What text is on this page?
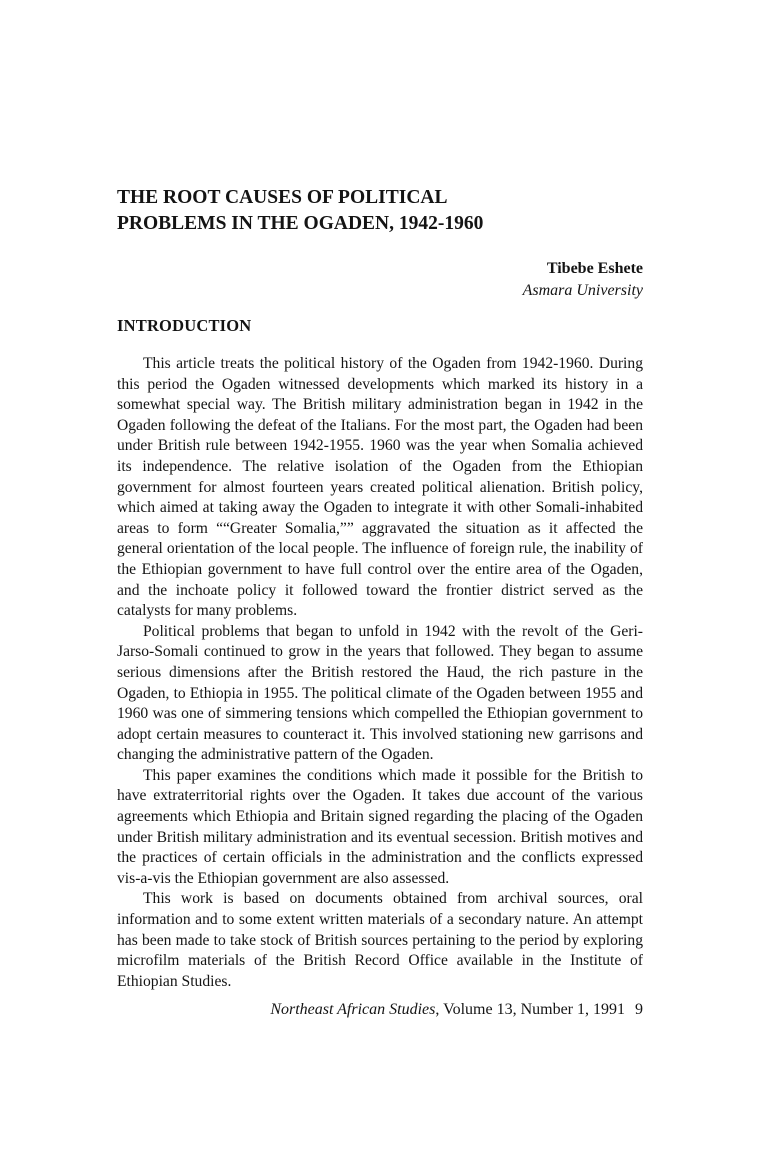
THE ROOT CAUSES OF POLITICAL
PROBLEMS IN THE OGADEN, 1942-1960
Tibebe Eshete
Asmara University
INTRODUCTION

This article treats the political history of the Ogaden from 1942-1960. During this period the Ogaden witnessed developments which marked its history in a somewhat special way. The British military administration began in 1942 in the Ogaden following the defeat of the Italians. For the most part, the Ogaden had been under British rule between 1942-1955. 1960 was the year when Somalia achieved its independence. The relative isolation of the Ogaden from the Ethiopian government for almost fourteen years created political alienation. British policy, which aimed at taking away the Ogaden to integrate it with other Somali-inhabited areas to form ““Greater Somalia,”” aggravated the situation as it affected the general orientation of the local people. The influence of foreign rule, the inability of the Ethiopian government to have full control over the entire area of the Ogaden, and the inchoate policy it followed toward the frontier district served as the catalysts for many problems.

Political problems that began to unfold in 1942 with the revolt of the Geri-Jarso-Somali continued to grow in the years that followed. They began to assume serious dimensions after the British restored the Haud, the rich pasture in the Ogaden, to Ethiopia in 1955. The political climate of the Ogaden between 1955 and 1960 was one of simmering tensions which compelled the Ethiopian government to adopt certain measures to counteract it. This involved stationing new garrisons and changing the administrative pattern of the Ogaden.

This paper examines the conditions which made it possible for the British to have extraterritorial rights over the Ogaden. It takes due account of the various agreements which Ethiopia and Britain signed regarding the placing of the Ogaden under British military administration and its eventual secession. British motives and the practices of certain officials in the administration and the conflicts expressed vis-a-vis the Ethiopian government are also assessed.

This work is based on documents obtained from archival sources, oral information and to some extent written materials of a secondary nature. An attempt has been made to take stock of British sources pertaining to the period by exploring microfilm materials of the British Record Office available in the Institute of Ethiopian Studies.

Northeast African Studies, Volume 13, Number 1, 1991 9
